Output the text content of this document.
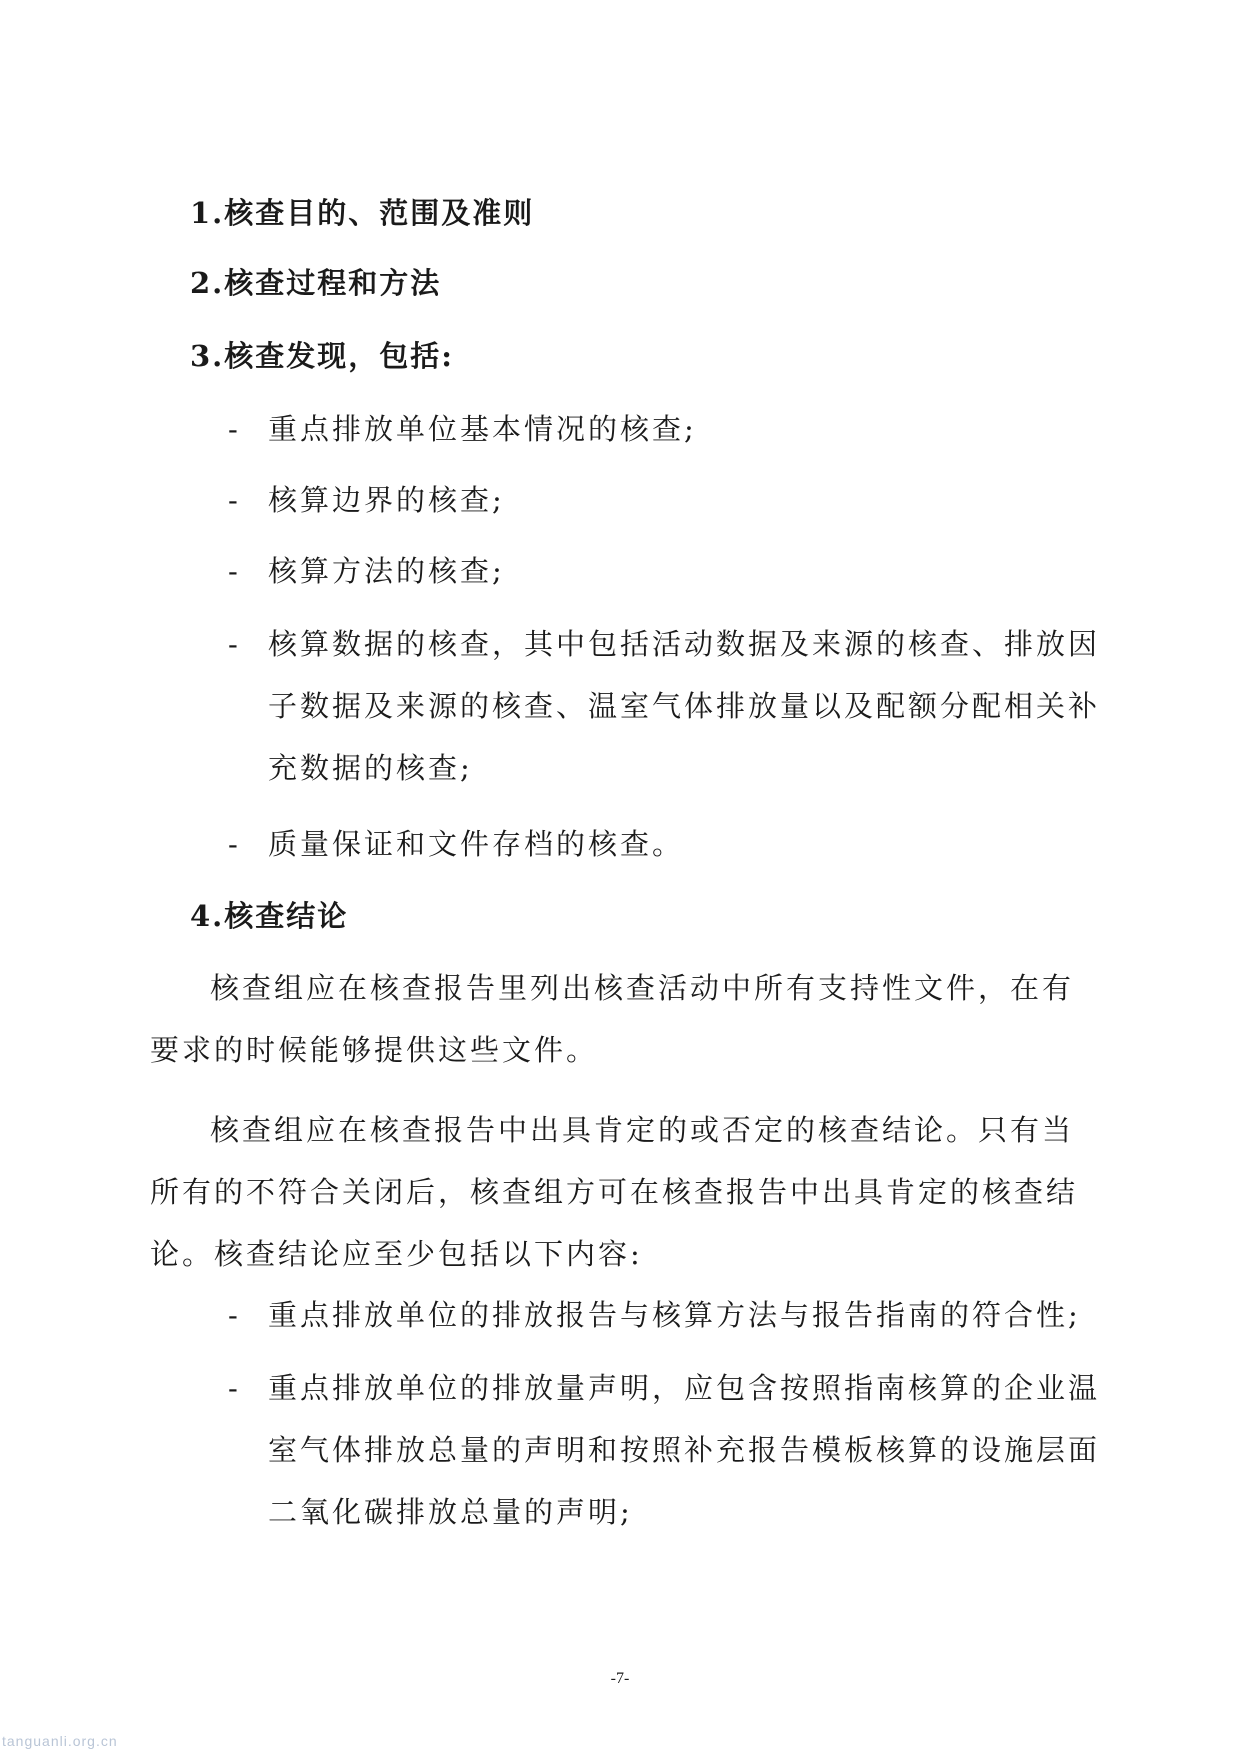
1.核查目的、范围及准则
2.核查过程和方法
3.核查发现，包括:
- 重点排放单位基本情况的核查;
- 核算边界的核查;
- 核算方法的核查;
- 核算数据的核查，其中包括活动数据及来源的核查、排放因子数据及来源的核查、温室气体排放量以及配额分配相关补充数据的核查;
- 质量保证和文件存档的核查。
4.核查结论
核查组应在核查报告里列出核查活动中所有支持性文件，在有要求的时候能够提供这些文件。
核查组应在核查报告中出具肯定的或否定的核查结论。只有当所有的不符合关闭后，核查组方可在核查报告中出具肯定的核查结论。核查结论应至少包括以下内容:
- 重点排放单位的排放报告与核算方法与报告指南的符合性;
- 重点排放单位的排放量声明，应包含按照指南核算的企业温室气体排放总量的声明和按照补充报告模板核算的设施层面二氧化碳排放总量的声明;
-7-
tanguanli.org.cn
